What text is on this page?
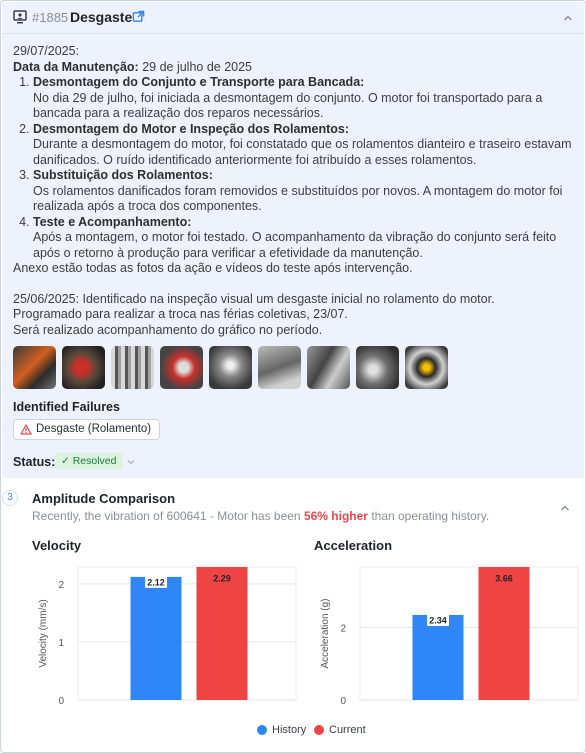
#1885 Desgaste

29/07/2025:

Data da Manutenção: 29 de julho de 2025

1. Desmontagem do Conjunto e Transporte para Bancada:
No dia 29 de julho, foi iniciada a desmontagem do conjunto. O motor foi transportado para a bancada para a realização dos reparos necessários.
2. Desmontagem do Motor e Inspeção dos Rolamentos:
Durante a desmontagem do motor, foi constatado que os rolamentos dianteiro e traseiro estavam danificados. O ruído identificado anteriormente foi atribuído a esses rolamentos.
3. Substituição dos Rolamentos:
Os rolamentos danificados foram removidos e substituídos por novos. A montagem do motor foi realizada após a troca dos componentes.
4. Teste e Acompanhamento:
Após a montagem, o motor foi testado. O acompanhamento da vibração do conjunto será feito após o retorno à produção para verificar a efetividade da manutenção.

Anexo estão todas as fotos da ação e vídeos do teste após intervenção.

25/06/2025: Identificado na inspeção visual um desgaste inicial no rolamento do motor.

Programado para realizar a troca nas férias coletivas, 23/07.

Será realizado acompanhamento do gráfico no período.

Identified Failures
Desgaste (Rolamento)
Status: ✓ Resolved
3	Amplitude Comparison
Recently, the vibration of 600641 - Motor has been 56% higher than operating history.
Velocity
0
1
2
Velocity (mm/s)
2.12	2.29
Acceleration
0
2
Acceleration (g)	2.34
3.66
History	Current
